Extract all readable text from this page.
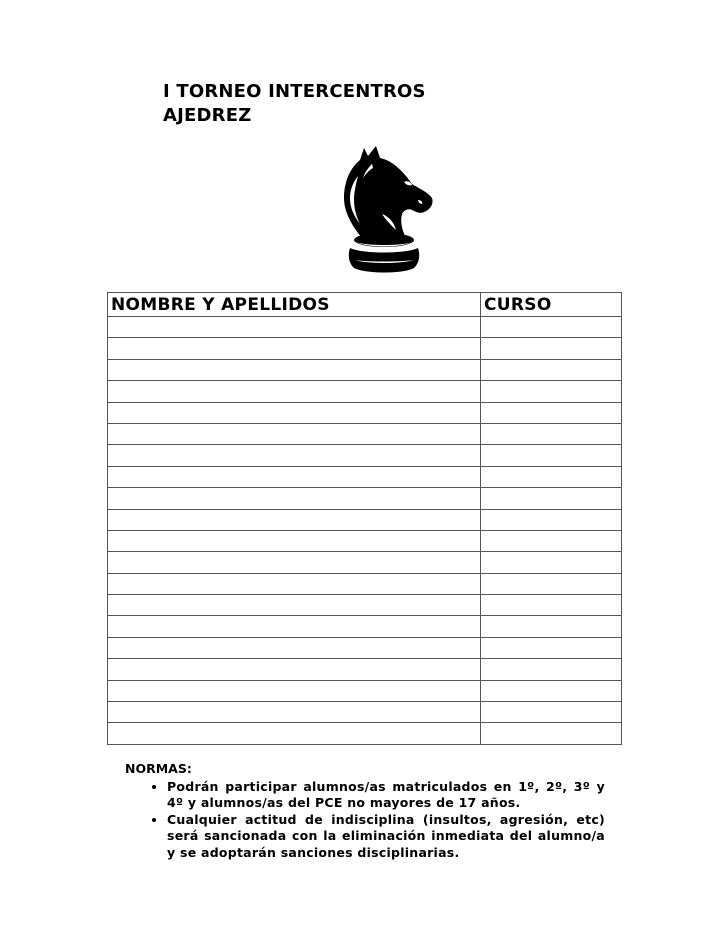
I TORNEO INTERCENTROS
AJEDREZ
NOMBRE Y APELLIDOS	CURSO

NORMAS:
• Podrán participar alumnos/as matriculados en 1º, 2º, 3º y 4º y alumnos/as del PCE no mayores de 17 años.
• Cualquier actitud de indisciplina (insultos, agresión, etc) será sancionada con la eliminación inmediata del alumno/a y se adoptarán sanciones disciplinarias.
